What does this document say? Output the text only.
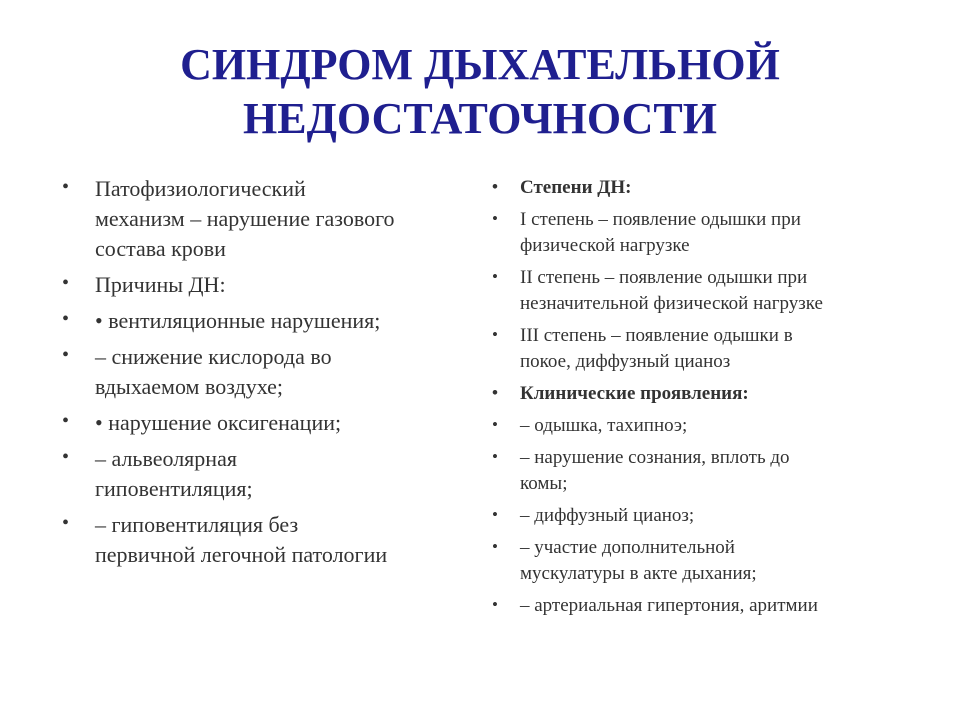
СИНДРОМ ДЫХАТЕЛЬНОЙ
НЕДОСТАТОЧНОСТИ
• Патофизиологический
механизм – нарушение газового
состава крови
• Причины ДН:
• • вентиляционные нарушения;
• – снижение кислорода во
вдыхаемом воздухе;
• • нарушение оксигенации;
• – альвеолярная
гиповентиляция;
• – гиповентиляция без
первичной легочной патологии
• Степени ДН:
• I степень – появление одышки при
физической нагрузке
• II степень – появление одышки при
незначительной физической нагрузке
• III степень – появление одышки в
покое, диффузный цианоз
• Клинические проявления:
• – одышка, тахипноэ;
• – нарушение сознания, вплоть до
комы;
• – диффузный цианоз;
• – участие дополнительной
мускулатуры в акте дыхания;
• – артериальная гипертония, аритмии
